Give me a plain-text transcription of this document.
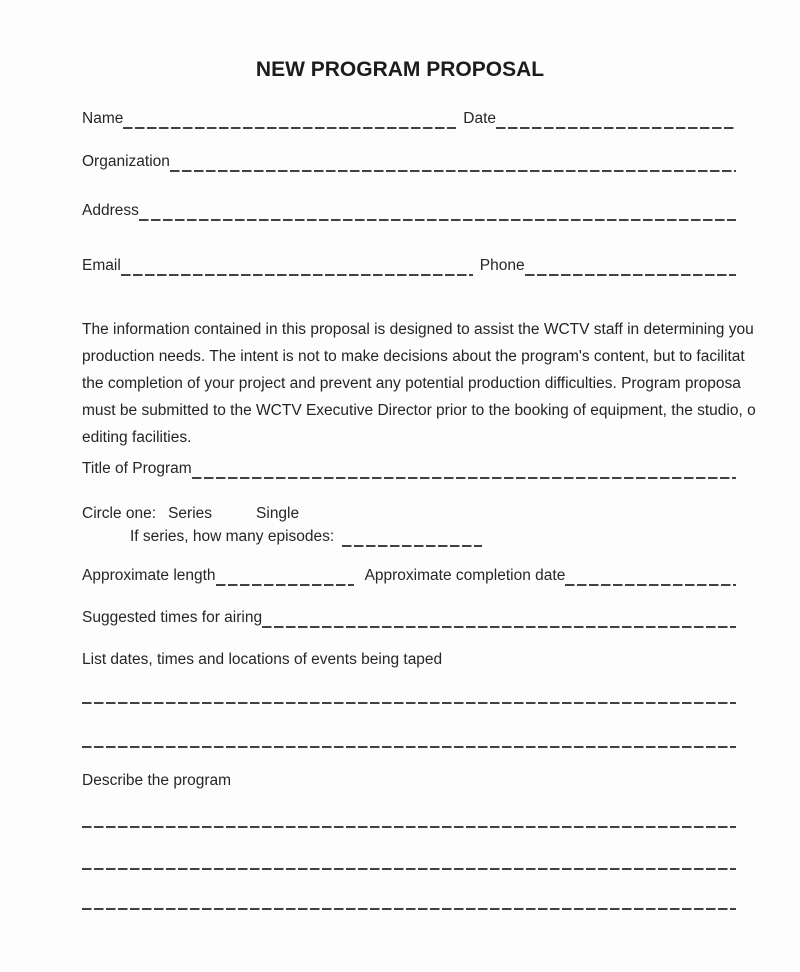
NEW PROGRAM PROPOSAL
Name	Date
Organization
Address
Email	Phone
The information contained in this proposal is designed to assist the WCTV staff in determining you
production needs. The intent is not to make decisions about the program's content, but to facilitat
the completion of your project and prevent any potential production difficulties. Program proposa
must be submitted to the WCTV Executive Director prior to the booking of equipment, the studio, o
editing facilities.
Title of Program
Circle one: Series	Single
If series, how many episodes:
Approximate length	Approximate completion date
Suggested times for airing
List dates, times and locations of events being taped
Describe the program
